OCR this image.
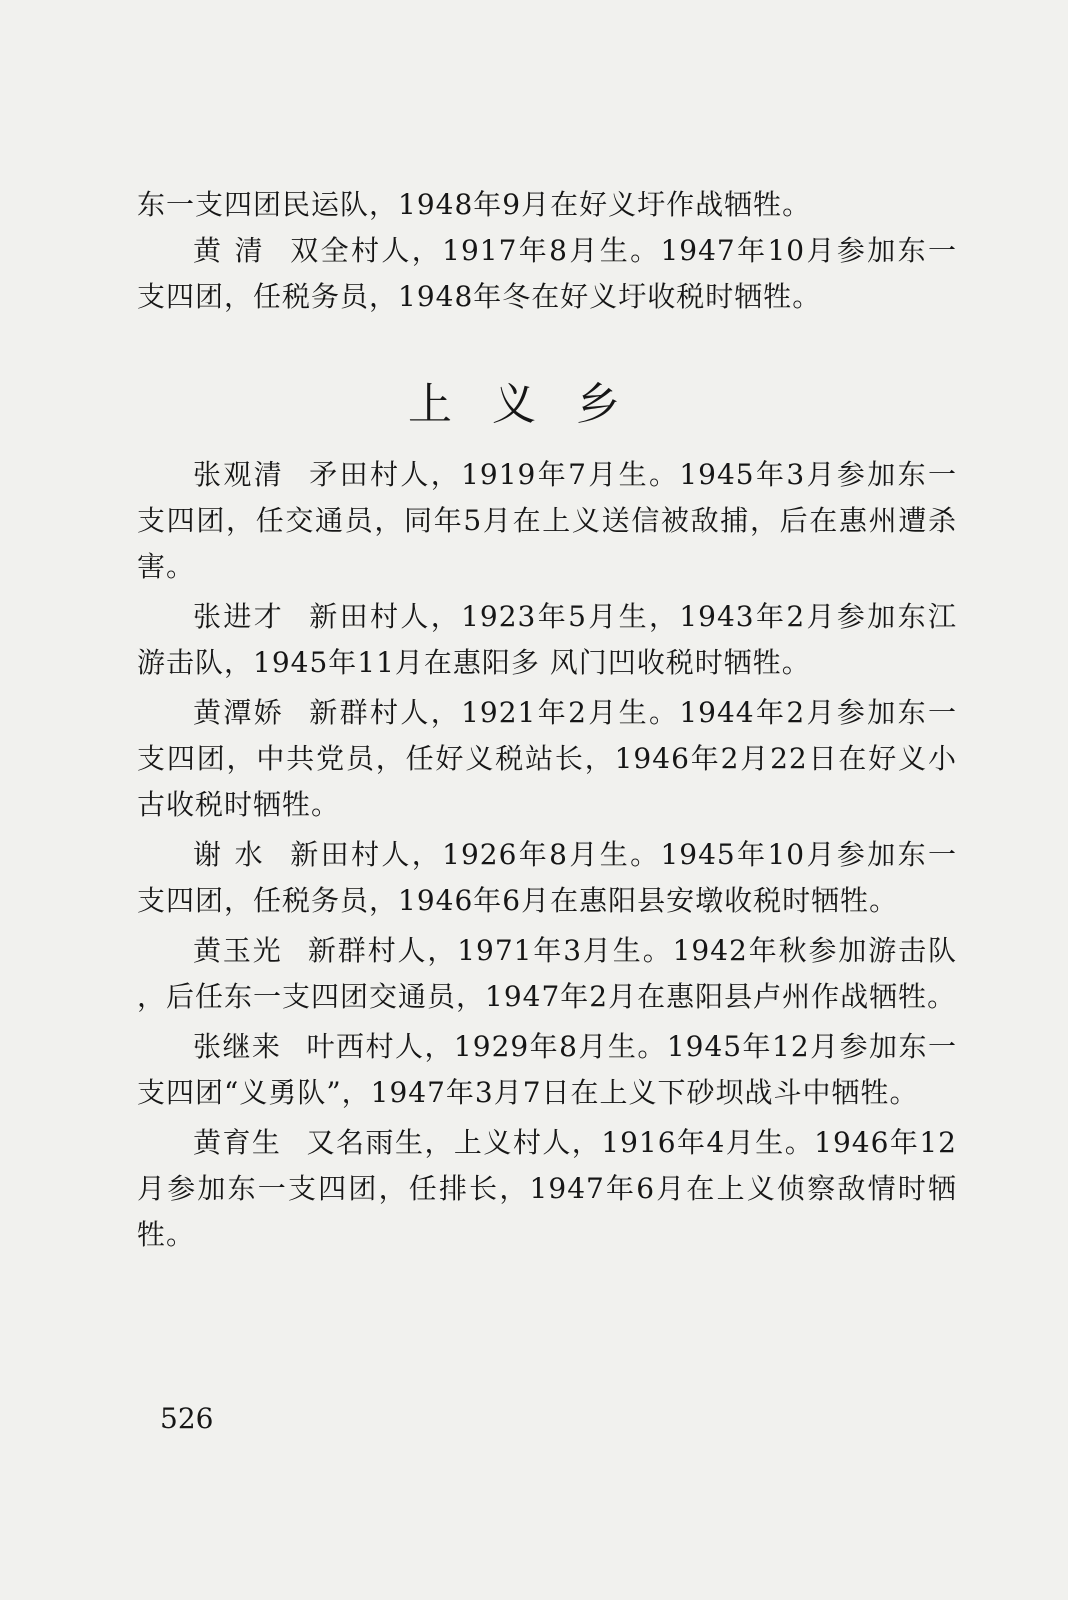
东一支四团民运队，1948年9月在好义圩作战牺牲。

黄 清 双全村人，1917年8月生。1947年10月参加东一支四团，任税务员，1948年冬在好义圩收税时牺牲。

上义乡

张观清 矛田村人，1919年7月生。1945年3月参加东一支四团，任交通员，同年5月在上义送信被敌捕，后在惠州遭杀害。

张进才 新田村人，1923年5月生，1943年2月参加东江游击队，1945年11月在惠阳多 风门凹收税时牺牲。

黄潭娇 新群村人，1921年2月生。1944年2月参加东一支四团，中共党员，任好义税站长，1946年2月22日在好义小古收税时牺牲。

谢 水 新田村人，1926年8月生。1945年10月参加东一支四团，任税务员，1946年6月在惠阳县安墩收税时牺牲。

黄玉光 新群村人，1971年3月生。1942年秋参加游击队 ，后任东一支四团交通员，1947年2月在惠阳县卢州作战牺牲。

张继来 叶西村人，1929年8月生。1945年12月参加东一支四团“义勇队”，1947年3月7日在上义下砂坝战斗中牺牲。

黄育生 又名雨生，上义村人，1916年4月生。1946年12月参加东一支四团，任排长，1947年6月在上义侦察敌情时牺牲。

526
